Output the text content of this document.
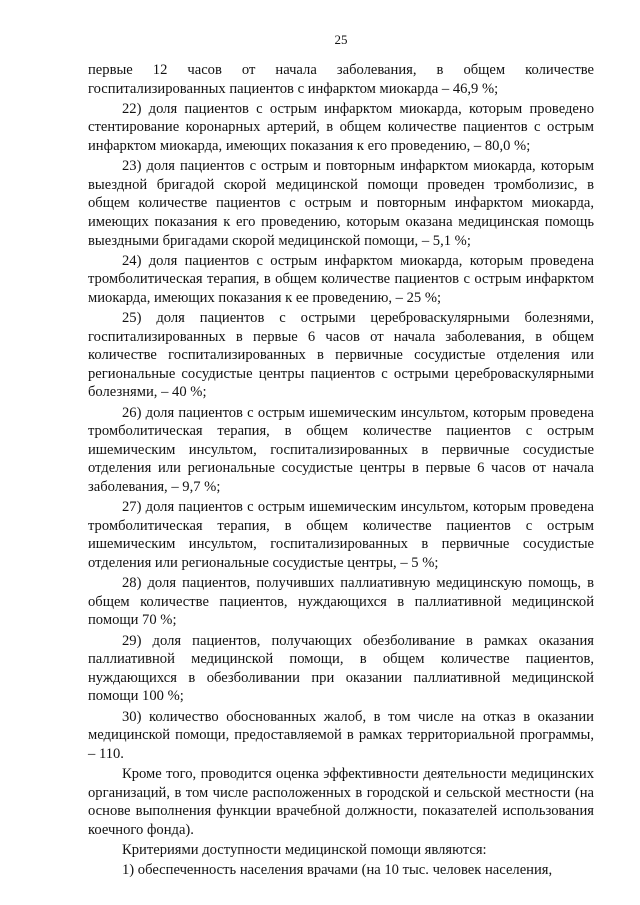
25

первые 12 часов от начала заболевания, в общем количестве госпитализированных пациентов с инфарктом миокарда – 46,9 %;

22) доля пациентов с острым инфарктом миокарда, которым проведено стентирование коронарных артерий, в общем количестве пациентов с острым инфарктом миокарда, имеющих показания к его проведению, – 80,0 %;

23) доля пациентов с острым и повторным инфарктом миокарда, которым выездной бригадой скорой медицинской помощи проведен тромболизис, в общем количестве пациентов с острым и повторным инфарктом миокарда, имеющих показания к его проведению, которым оказана медицинская помощь выездными бригадами скорой медицинской помощи, – 5,1 %;

24) доля пациентов с острым инфарктом миокарда, которым проведена тромболитическая терапия, в общем количестве пациентов с острым инфарктом миокарда, имеющих показания к ее проведению, – 25 %;

25) доля пациентов с острыми цереброваскулярными болезнями, госпитализированных в первые 6 часов от начала заболевания, в общем количестве госпитализированных в первичные сосудистые отделения или региональные сосудистые центры пациентов с острыми цереброваскулярными болезнями, – 40 %;

26) доля пациентов с острым ишемическим инсультом, которым проведена тромболитическая терапия, в общем количестве пациентов с острым ишемическим инсультом, госпитализированных в первичные сосудистые отделения или региональные сосудистые центры в первые 6 часов от начала заболевания, – 9,7 %;

27) доля пациентов с острым ишемическим инсультом, которым проведена тромболитическая терапия, в общем количестве пациентов с острым ишемическим инсультом, госпитализированных в первичные сосудистые отделения или региональные сосудистые центры, – 5 %;

28) доля пациентов, получивших паллиативную медицинскую помощь, в общем количестве пациентов, нуждающихся в паллиативной медицинской помощи 70 %;

29) доля пациентов, получающих обезболивание в рамках оказания паллиативной медицинской помощи, в общем количестве пациентов, нуждающихся в обезболивании при оказании паллиативной медицинской помощи 100 %;

30) количество обоснованных жалоб, в том числе на отказ в оказании медицинской помощи, предоставляемой в рамках территориальной программы, – 110.

Кроме того, проводится оценка эффективности деятельности медицинских организаций, в том числе расположенных в городской и сельской местности (на основе выполнения функции врачебной должности, показателей использования коечного фонда).

Критериями доступности медицинской помощи являются:

1) обеспеченность населения врачами (на 10 тыс. человек населения,
